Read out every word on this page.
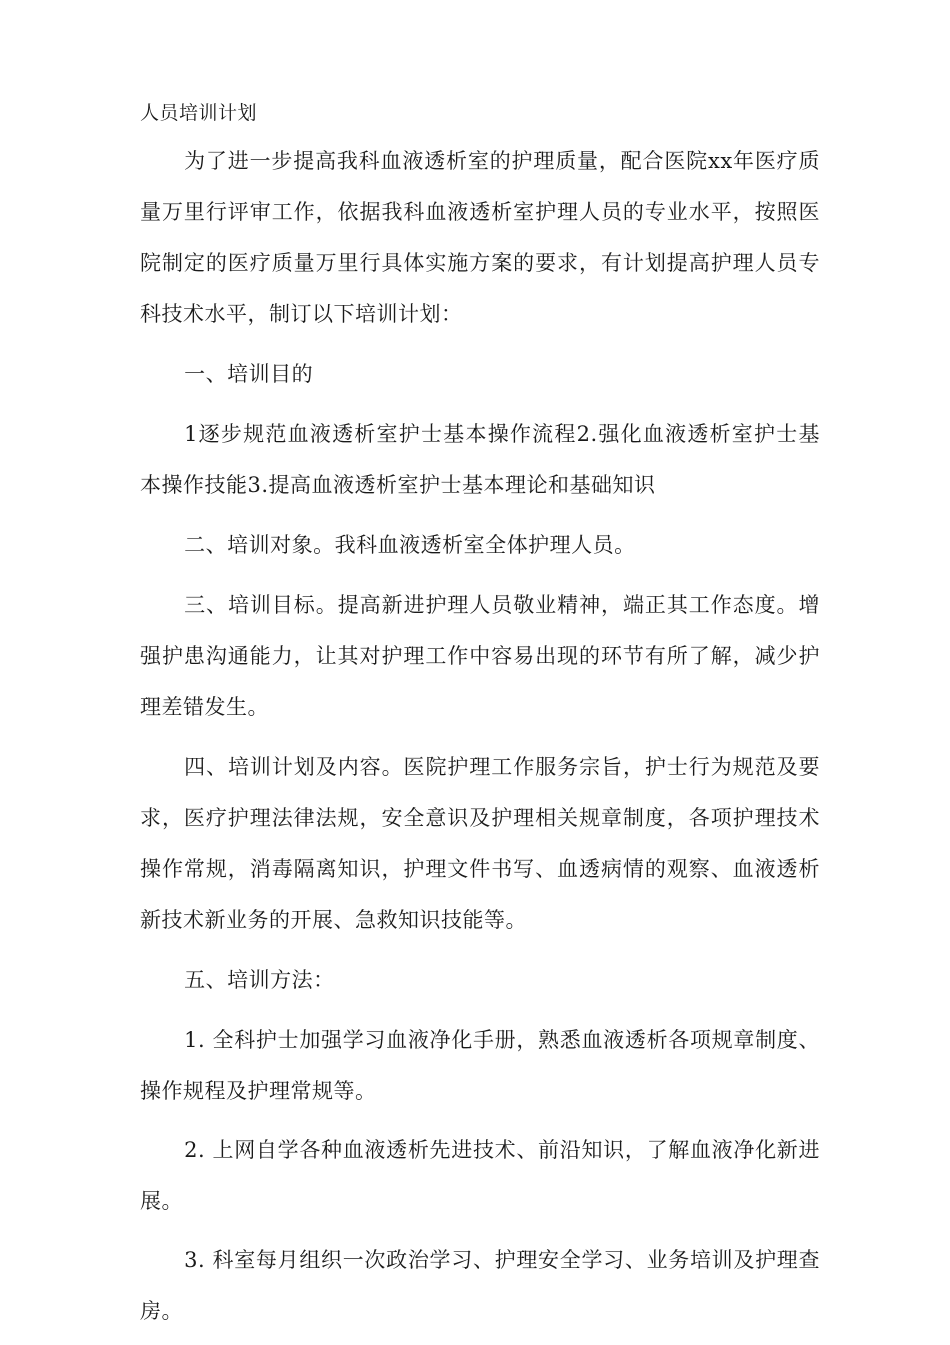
人员培训计划

为了进一步提高我科血液透析室的护理质量，配合医院xx年医疗质量万里行评审工作，依据我科血液透析室护理人员的专业水平，按照医院制定的医疗质量万里行具体实施方案的要求，有计划提高护理人员专科技术水平，制订以下培训计划：

一、培训目的

1逐步规范血液透析室护士基本操作流程2.强化血液透析室护士基本操作技能3.提高血液透析室护士基本理论和基础知识

二、培训对象。我科血液透析室全体护理人员。

三、培训目标。提高新进护理人员敬业精神，端正其工作态度。增强护患沟通能力，让其对护理工作中容易出现的环节有所了解，减少护理差错发生。

四、培训计划及内容。医院护理工作服务宗旨，护士行为规范及要求，医疗护理法律法规，安全意识及护理相关规章制度，各项护理技术操作常规，消毒隔离知识，护理文件书写、血透病情的观察、血液透析新技术新业务的开展、急救知识技能等。

五、培训方法：

1. 全科护士加强学习血液净化手册，熟悉血液透析各项规章制度、操作规程及护理常规等。

2. 上网自学各种血液透析先进技术、前沿知识，了解血液净化新进展。

3. 科室每月组织一次政治学习、护理安全学习、业务培训及护理查房。
